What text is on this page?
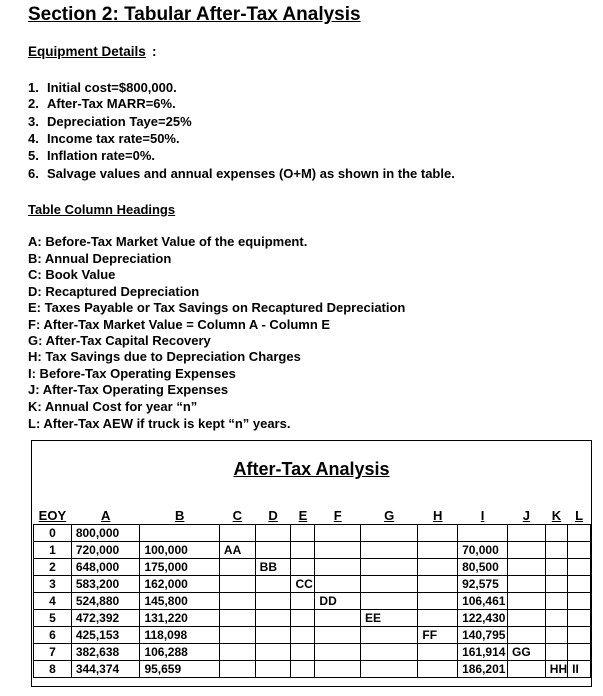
Section 2: Tabular After-Tax Analysis
Equipment Details :
1. Initial cost=$800,000.
2. After-Tax MARR=6%.
3. Depreciation Taye=25%
4. Income tax rate=50%.
5. Inflation rate=0%.
6. Salvage values and annual expenses (O+M) as shown in the table.
Table Column Headings
A: Before-Tax Market Value of the equipment.
B: Annual Depreciation
C: Book Value
D: Recaptured Depreciation
E: Taxes Payable or Tax Savings on Recaptured Depreciation
F: After-Tax Market Value = Column A - Column E
G: After-Tax Capital Recovery
H: Tax Savings due to Depreciation Charges
I: Before-Tax Operating Expenses
J: After-Tax Operating Expenses
K: Annual Cost for year “n”
L: After-Tax AEW if truck is kept “n” years.
After-Tax Analysis
EOY	A	B	C	D	E	F	G	H	I	J	K	L
0	800,000											
1	720,000	100,000	AA						70,000			
2	648,000	175,000		BB					80,500			
3	583,200	162,000			CC				92,575			
4	524,880	145,800				DD			106,461			
5	472,392	131,220					EE		122,430			
6	425,153	118,098						FF	140,795			
7	382,638	106,288							161,914	GG		
8	344,374	95,659							186,201		HH	II
